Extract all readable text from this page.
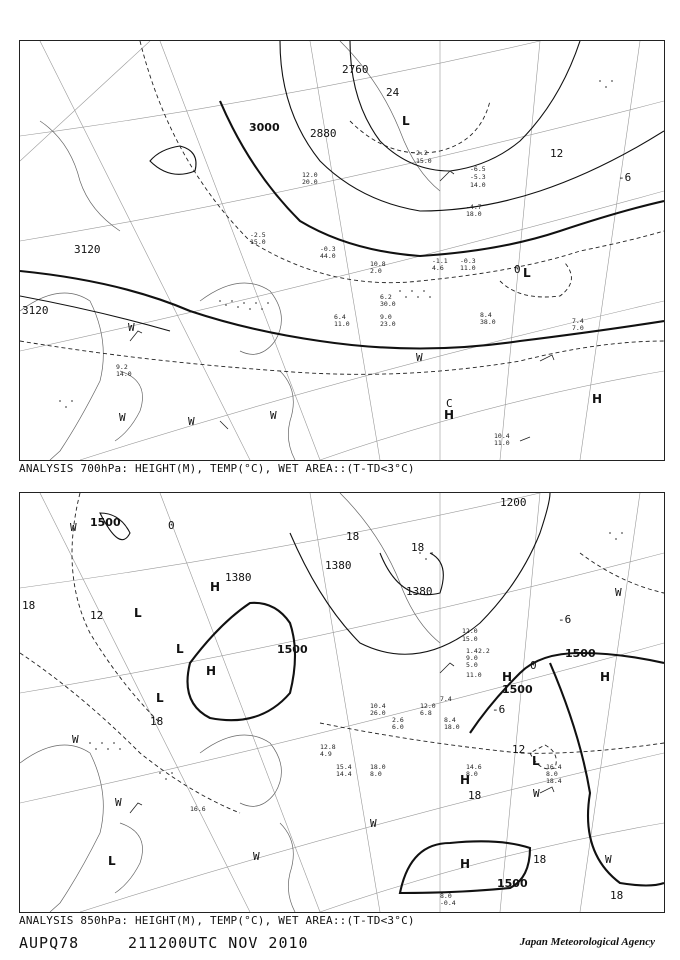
3000	2880
2760
3120
3120
24
-6
12
0
L
L
H
H
C
W
W
W	W
W
-2.5
15.0
-0.3
44.0
10.8
2.0
-1.1
4.6
-0.3
11.0
8.4
38.0	7.4
7.0
6.2
30.0
9.0
23.0
6.4
11.0
10.4
11.0
-6.5
-5.3
14.0
12.0
20.0
9.2
14.0
-4.7
18.0
15.0
2.2
ANALYSIS 700hPa: HEIGHT(M), TEMP(°C), WET AREA::(T-TD<3°C)
1500
1500	1500
1500
1500
1380
1380
1380
1200
0
12
18
18
18
18
18
12
18
-6
-6
0
18
H
H
H	H
H
H
L
L
L
L
L
W
W
W
W
W	W
W
W
-0.4
8.0
11.0
12.0
5.0
15.0
10.4
26.0
12.0
6.8
8.4
18.0
14.6
8.0
16.4
8.0
12.8
4.9
15.4
14.4
18.0
8.0
16.6
18.4
1.4 2.2
9.0
2.6
6.0
7.4
ANALYSIS 850hPa: HEIGHT(M), TEMP(°C), WET AREA::(T-TD<3°C)
AUPQ78	211200UTC NOV 2010	Japan Meteorological Agency
